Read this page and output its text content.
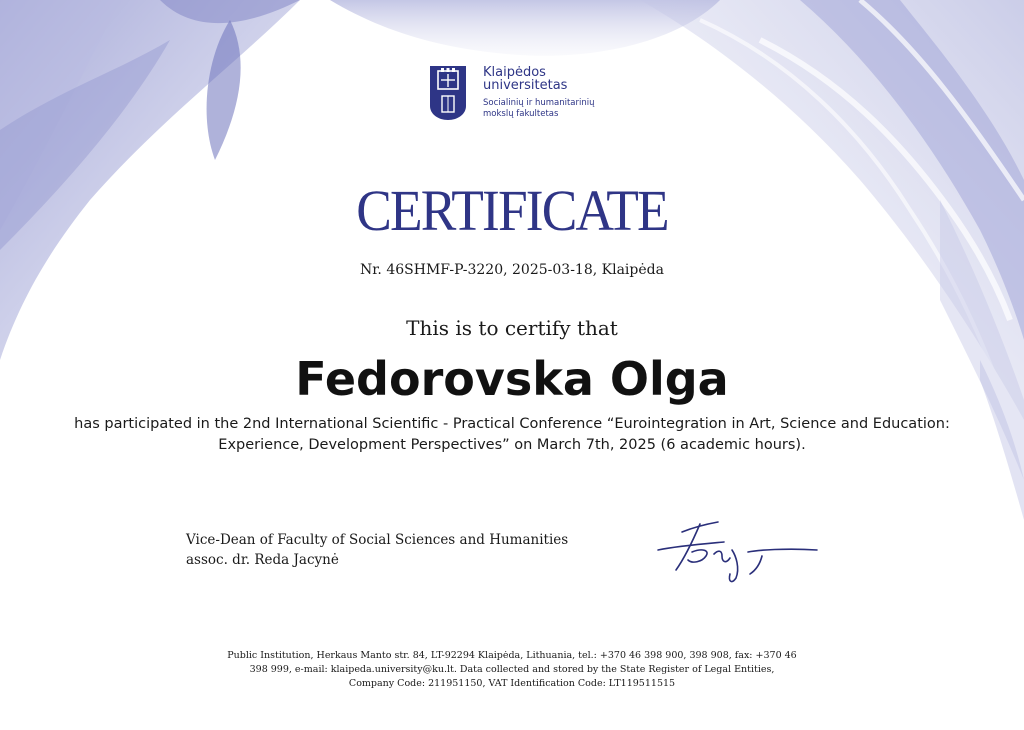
Klaipėdos
universitetas
Socialinių ir humanitarinių
mokslų fakultetas
CERTIFICATE
Nr. 46SHMF-P-3220, 2025-03-18, Klaipėda
This is to certify that
Fedorovska Olga
has participated in the 2nd International Scientific - Practical Conference “Eurointegration in Art, Science and Education:
Experience, Development Perspectives” on March 7th, 2025 (6 academic hours).
Vice-Dean of Faculty of Social Sciences and Humanities
assoc. dr. Reda Jacynė
Public Institution, Herkaus Manto str. 84, LT-92294 Klaipėda, Lithuania, tel.: +370 46 398 900, 398 908, fax: +370 46
398 999, e-mail: klaipeda.university@ku.lt. Data collected and stored by the State Register of Legal Entities,
Company Code: 211951150, VAT Identification Code: LT119511515
